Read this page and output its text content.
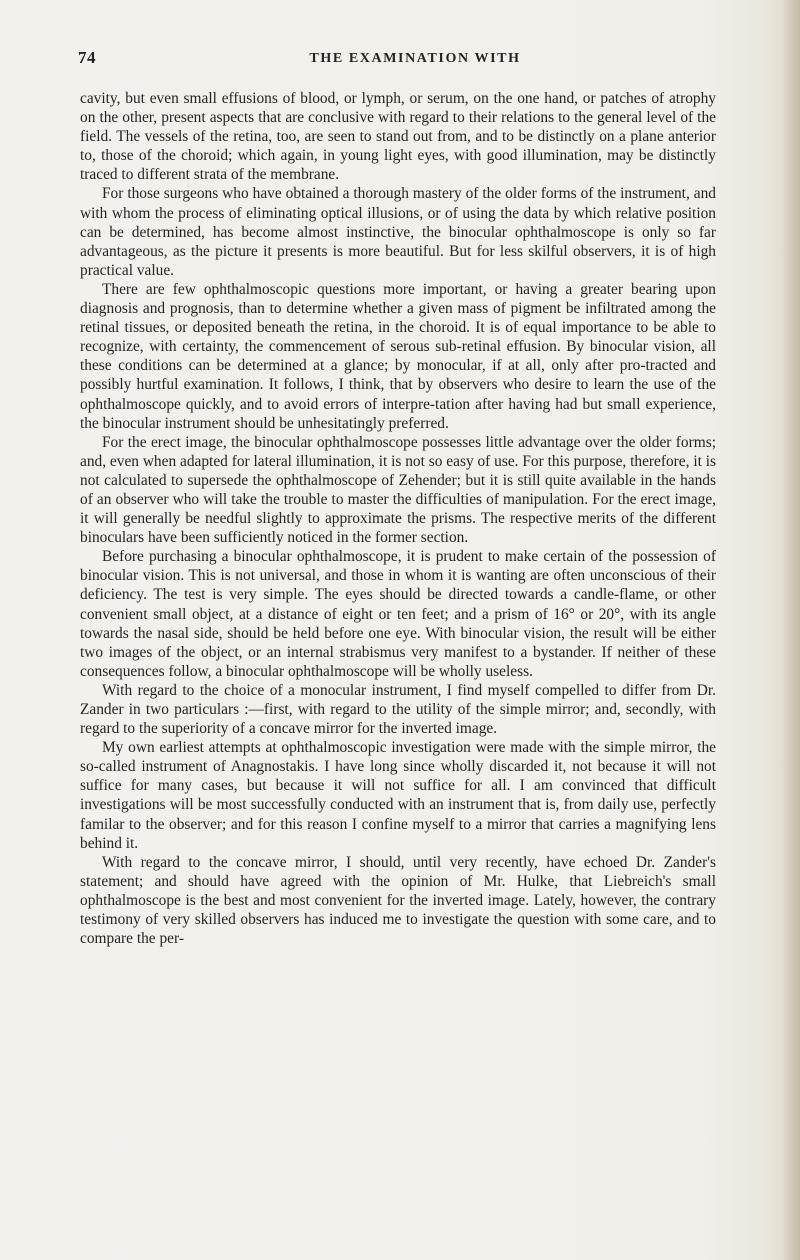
74	THE EXAMINATION WITH

cavity, but even small effusions of blood, or lymph, or serum, on the one hand, or patches of atrophy on the other, present aspects that are conclusive with regard to their relations to the general level of the field. The vessels of the retina, too, are seen to stand out from, and to be distinctly on a plane anterior to, those of the choroid; which again, in young light eyes, with good illumination, may be distinctly traced to different strata of the membrane.

For those surgeons who have obtained a thorough mastery of the older forms of the instrument, and with whom the process of eliminating optical illusions, or of using the data by which relative position can be determined, has become almost instinctive, the binocular ophthalmoscope is only so far advantageous, as the picture it presents is more beautiful. But for less skilful observers, it is of high practical value.

There are few ophthalmoscopic questions more important, or having a greater bearing upon diagnosis and prognosis, than to determine whether a given mass of pigment be infiltrated among the retinal tissues, or deposited beneath the retina, in the choroid. It is of equal importance to be able to recognize, with certainty, the commencement of serous sub-retinal effusion. By binocular vision, all these conditions can be determined at a glance; by monocular, if at all, only after pro-tracted and possibly hurtful examination. It follows, I think, that by observers who desire to learn the use of the ophthalmoscope quickly, and to avoid errors of interpre-tation after having had but small experience, the binocular instrument should be unhesitatingly preferred.

For the erect image, the binocular ophthalmoscope possesses little advantage over the older forms; and, even when adapted for lateral illumination, it is not so easy of use. For this purpose, therefore, it is not calculated to supersede the ophthalmoscope of Zehender; but it is still quite available in the hands of an observer who will take the trouble to master the difficulties of manipulation. For the erect image, it will generally be needful slightly to approximate the prisms. The respective merits of the different binoculars have been sufficiently noticed in the former section.

Before purchasing a binocular ophthalmoscope, it is prudent to make certain of the possession of binocular vision. This is not universal, and those in whom it is wanting are often unconscious of their deficiency. The test is very simple. The eyes should be directed towards a candle-flame, or other convenient small object, at a distance of eight or ten feet; and a prism of 16° or 20°, with its angle towards the nasal side, should be held before one eye. With binocular vision, the result will be either two images of the object, or an internal strabismus very manifest to a bystander. If neither of these consequences follow, a binocular ophthalmoscope will be wholly useless.

With regard to the choice of a monocular instrument, I find myself compelled to differ from Dr. Zander in two particulars :—first, with regard to the utility of the simple mirror; and, secondly, with regard to the superiority of a concave mirror for the inverted image.

My own earliest attempts at ophthalmoscopic investigation were made with the simple mirror, the so-called instrument of Anagnostakis. I have long since wholly discarded it, not because it will not suffice for many cases, but because it will not suffice for all. I am convinced that difficult investigations will be most successfully conducted with an instrument that is, from daily use, perfectly familar to the observer; and for this reason I confine myself to a mirror that carries a magnifying lens behind it.

With regard to the concave mirror, I should, until very recently, have echoed Dr. Zander's statement; and should have agreed with the opinion of Mr. Hulke, that Liebreich's small ophthalmoscope is the best and most convenient for the inverted image. Lately, however, the contrary testimony of very skilled observers has induced me to investigate the question with some care, and to compare the per-
